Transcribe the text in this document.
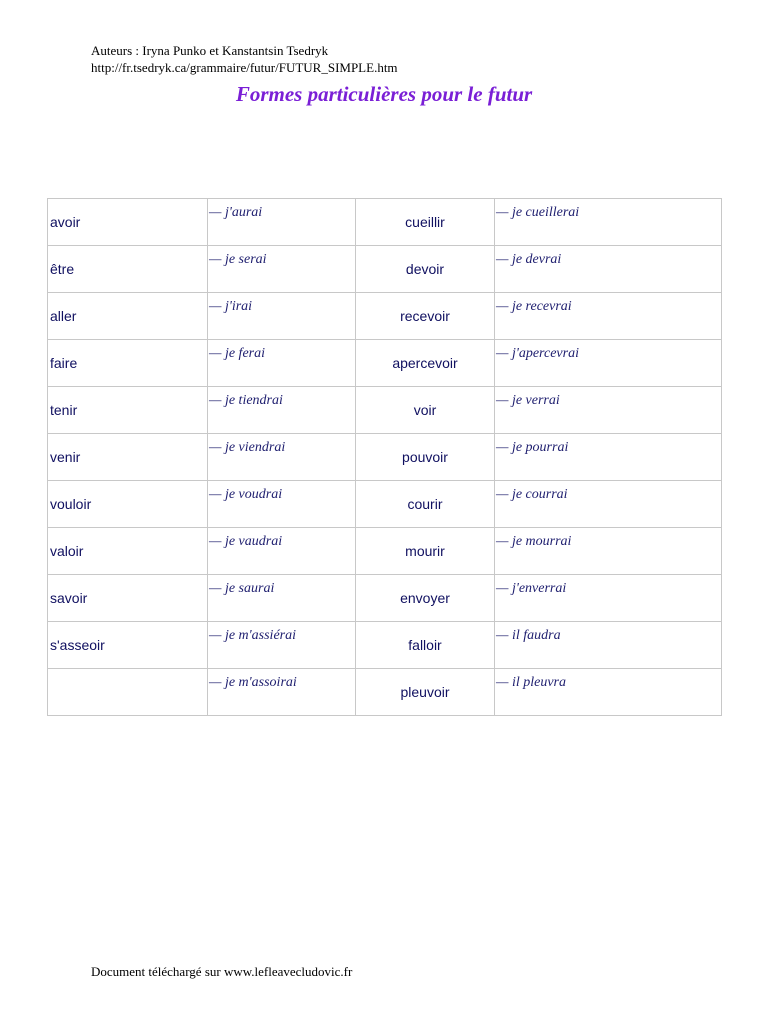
Auteurs : Iryna Punko et Kanstantsin Tsedryk
http://fr.tsedryk.ca/grammaire/futur/FUTUR_SIMPLE.htm
Formes particulières pour le futur
avoir	— j'aurai	cueillir	— je cueillerai

être	— je serai	devoir	— je devrai

aller	— j'irai	recevoir	— je recevrai

faire	— je ferai	apercevoir	— j'apercevrai

tenir	— je tiendrai	voir	— je verrai

venir	— je viendrai	pouvoir	— je pourrai

vouloir	— je voudrai	courir	— je courrai

valoir	— je vaudrai	mourir	— je mourrai

savoir	— je saurai	envoyer	— j'enverrai

s'asseoir	— je m'assiérai	falloir	— il faudra

	— je m'assoirai	pleuvoir	— il pleuvra
Document téléchargé sur www.lefleavecludovic.fr
